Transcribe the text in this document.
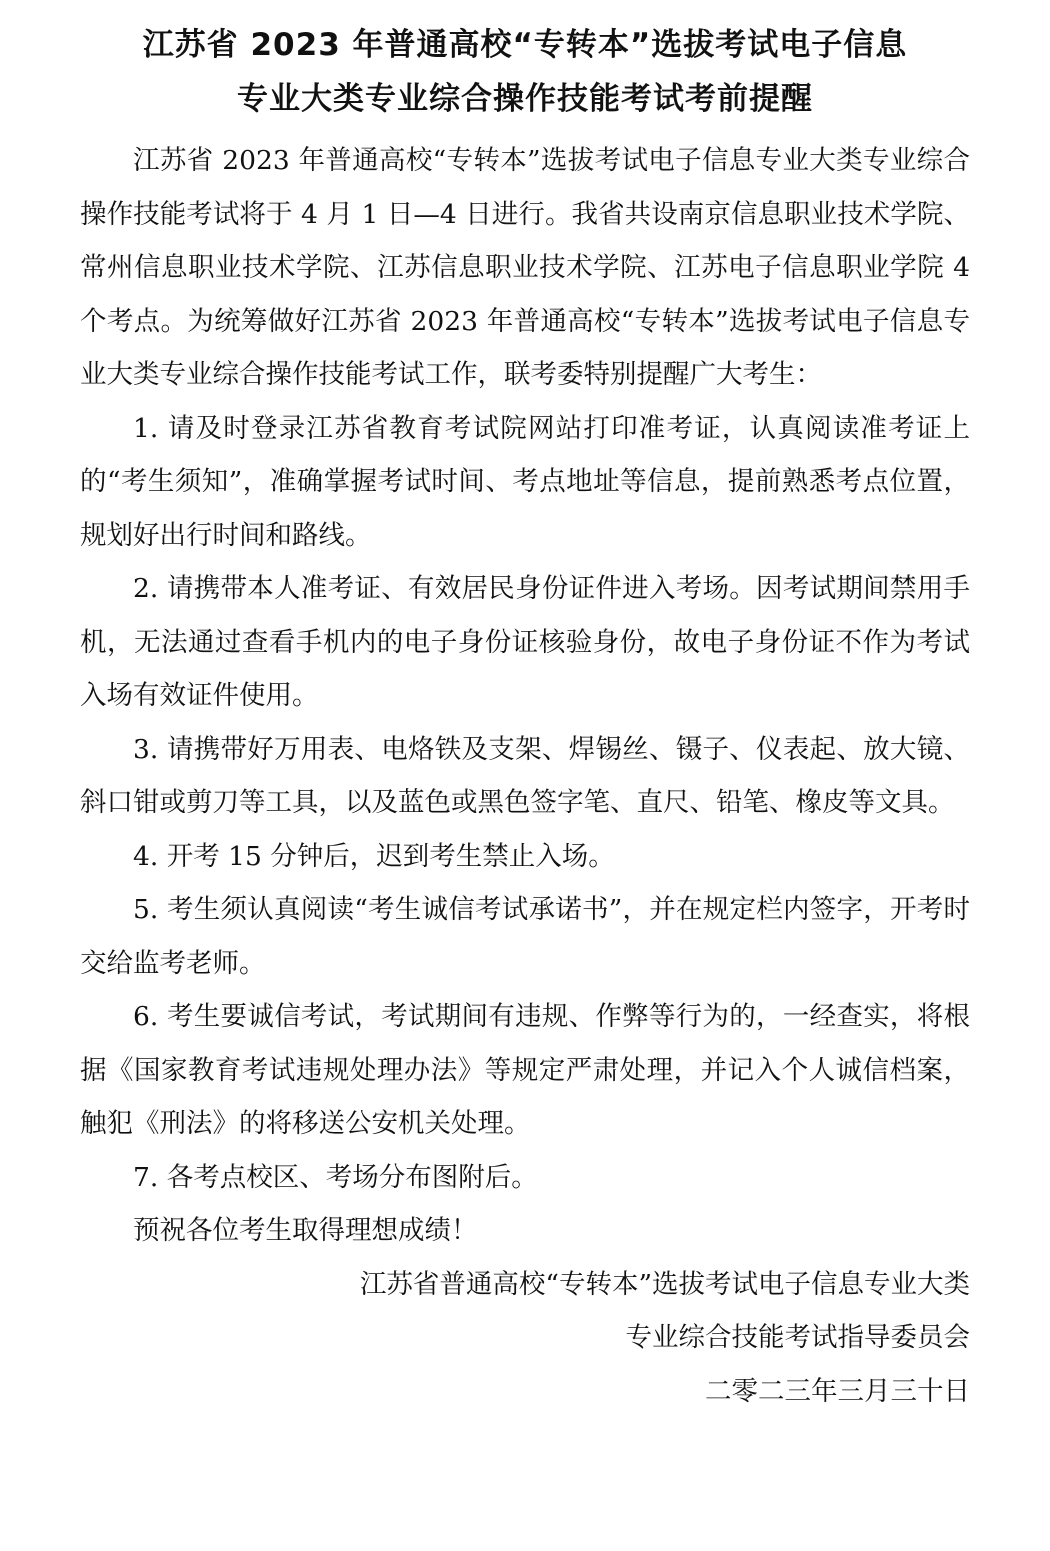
江苏省 2023 年普通高校“专转本”选拔考试电子信息
专业大类专业综合操作技能考试考前提醒

江苏省 2023 年普通高校“专转本”选拔考试电子信息专业大类专业综合操作技能考试将于 4 月 1 日—4 日进行。我省共设南京信息职业技术学院、常州信息职业技术学院、江苏信息职业技术学院、江苏电子信息职业学院 4 个考点。为统筹做好江苏省 2023 年普通高校“专转本”选拔考试电子信息专业大类专业综合操作技能考试工作，联考委特别提醒广大考生：

1. 请及时登录江苏省教育考试院网站打印准考证，认真阅读准考证上的“考生须知”，准确掌握考试时间、考点地址等信息，提前熟悉考点位置，规划好出行时间和路线。

2. 请携带本人准考证、有效居民身份证件进入考场。因考试期间禁用手机，无法通过查看手机内的电子身份证核验身份，故电子身份证不作为考试入场有效证件使用。

3. 请携带好万用表、电烙铁及支架、焊锡丝、镊子、仪表起、放大镜、斜口钳或剪刀等工具，以及蓝色或黑色签字笔、直尺、铅笔、橡皮等文具。

4. 开考 15 分钟后，迟到考生禁止入场。

5. 考生须认真阅读“考生诚信考试承诺书”，并在规定栏内签字，开考时交给监考老师。

6. 考生要诚信考试，考试期间有违规、作弊等行为的，一经查实，将根据《国家教育考试违规处理办法》等规定严肃处理，并记入个人诚信档案，触犯《刑法》的将移送公安机关处理。

7. 各考点校区、考场分布图附后。

预祝各位考生取得理想成绩！

江苏省普通高校“专转本”选拔考试电子信息专业大类
专业综合技能考试指导委员会
二零二三年三月三十日
